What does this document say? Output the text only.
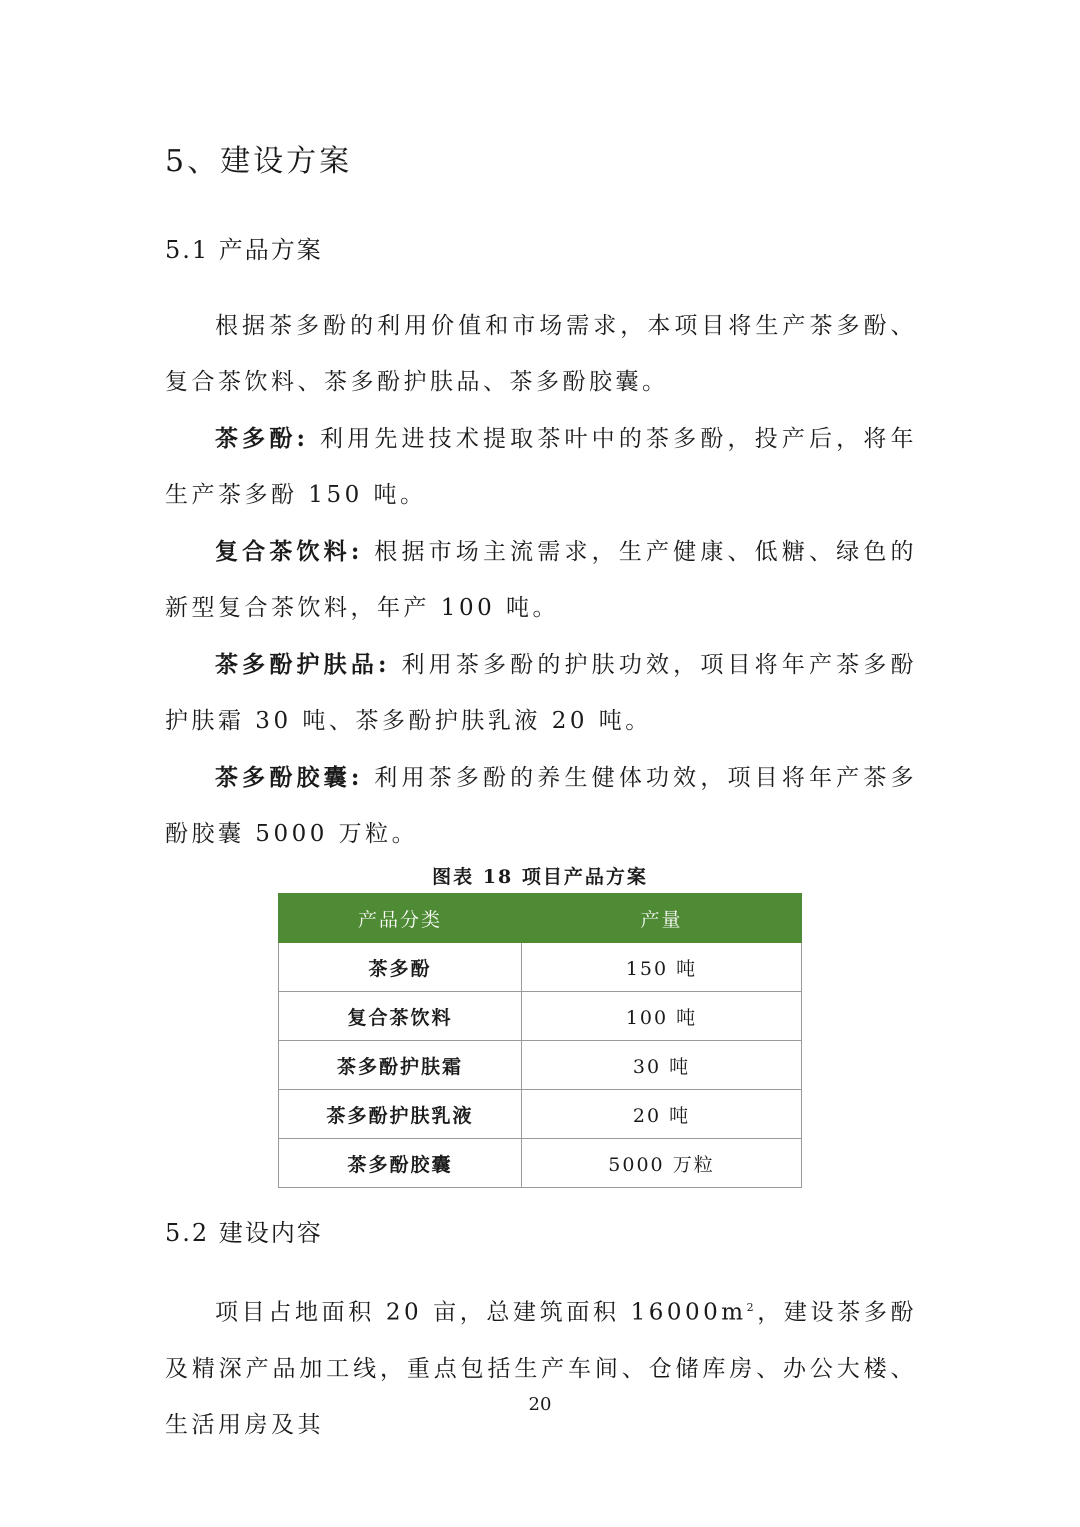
5、建设方案
5.1 产品方案

根据茶多酚的利用价值和市场需求，本项目将生产茶多酚、复合茶饮料、茶多酚护肤品、茶多酚胶囊。

茶多酚: 利用先进技术提取茶叶中的茶多酚，投产后，将年生产茶多酚 150 吨。

复合茶饮料: 根据市场主流需求，生产健康、低糖、绿色的新型复合茶饮料，年产 100 吨。

茶多酚护肤品: 利用茶多酚的护肤功效，项目将年产茶多酚护肤霜 30 吨、茶多酚护肤乳液 20 吨。

茶多酚胶囊: 利用茶多酚的养生健体功效，项目将年产茶多酚胶囊 5000 万粒。

图表 18 项目产品方案
产品分类	产量
茶多酚	150 吨
复合茶饮料	100 吨
茶多酚护肤霜	30 吨
茶多酚护肤乳液	20 吨
茶多酚胶囊	5000 万粒
5.2 建设内容

项目占地面积 20 亩，总建筑面积 $16000m^2$，建设茶多酚及精深产品加工线，重点包括生产车间、仓储库房、办公大楼、生活用房及其

20
